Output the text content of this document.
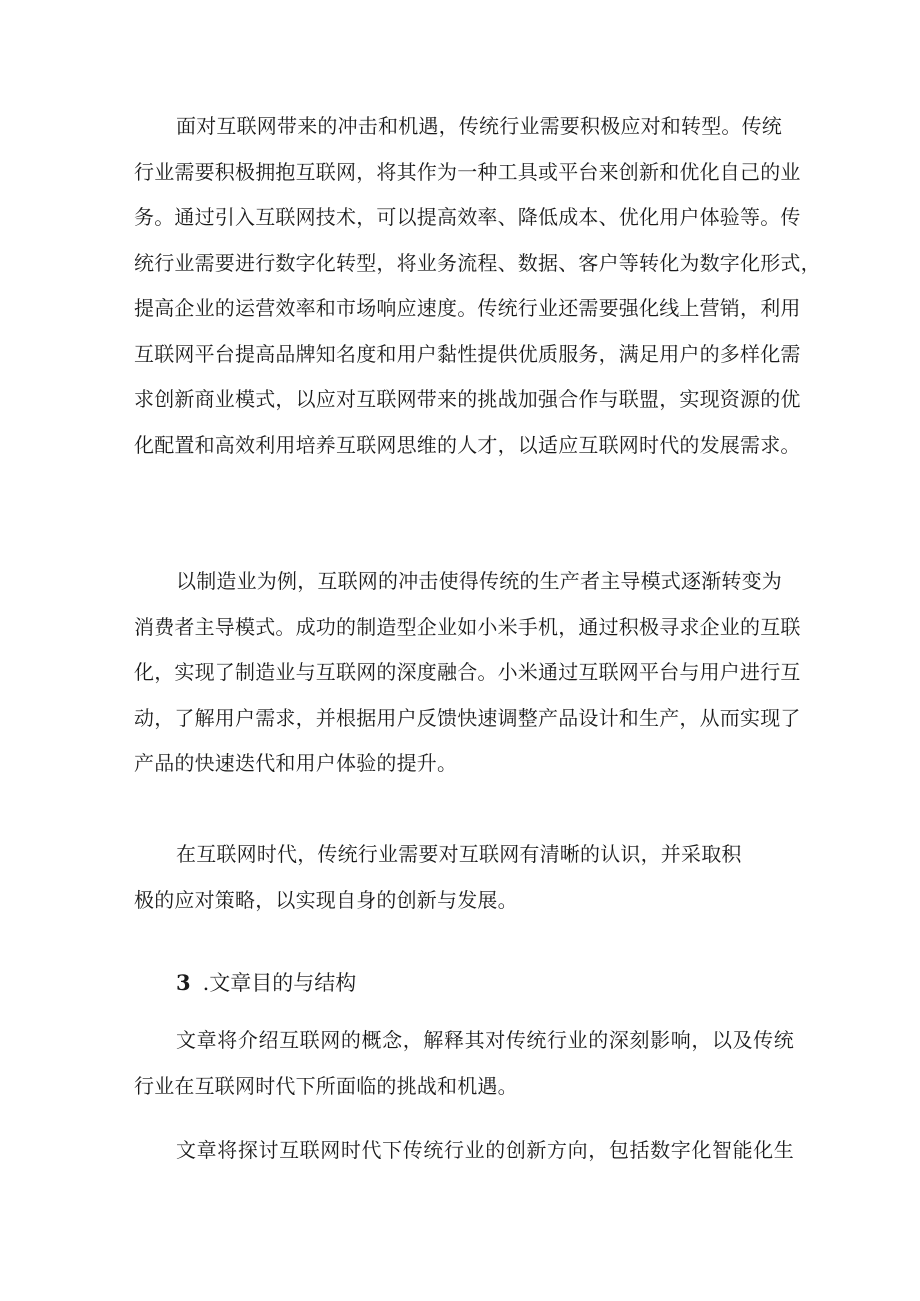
面对互联网带来的冲击和机遇，传统行业需要积极应对和转型。传统
行业需要积极拥抱互联网，将其作为一种工具或平台来创新和优化自己的业
务。通过引入互联网技术，可以提高效率、降低成本、优化用户体验等。传
统行业需要进行数字化转型，将业务流程、数据、客户等转化为数字化形式，
提高企业的运营效率和市场响应速度。传统行业还需要强化线上营销，利用
互联网平台提高品牌知名度和用户黏性提供优质服务，满足用户的多样化需
求创新商业模式，以应对互联网带来的挑战加强合作与联盟，实现资源的优
化配置和高效利用培养互联网思维的人才，以适应互联网时代的发展需求。
以制造业为例，互联网的冲击使得传统的生产者主导模式逐渐转变为
消费者主导模式。成功的制造型企业如小米手机，通过积极寻求企业的互联
化，实现了制造业与互联网的深度融合。小米通过互联网平台与用户进行互
动，了解用户需求，并根据用户反馈快速调整产品设计和生产，从而实现了
产品的快速迭代和用户体验的提升。
在互联网时代，传统行业需要对互联网有清晰的认识，并采取积
极的应对策略，以实现自身的创新与发展。
3 .文章目的与结构
文章将介绍互联网的概念，解释其对传统行业的深刻影响，以及传统
行业在互联网时代下所面临的挑战和机遇。
文章将探讨互联网时代下传统行业的创新方向，包括数字化智能化生
